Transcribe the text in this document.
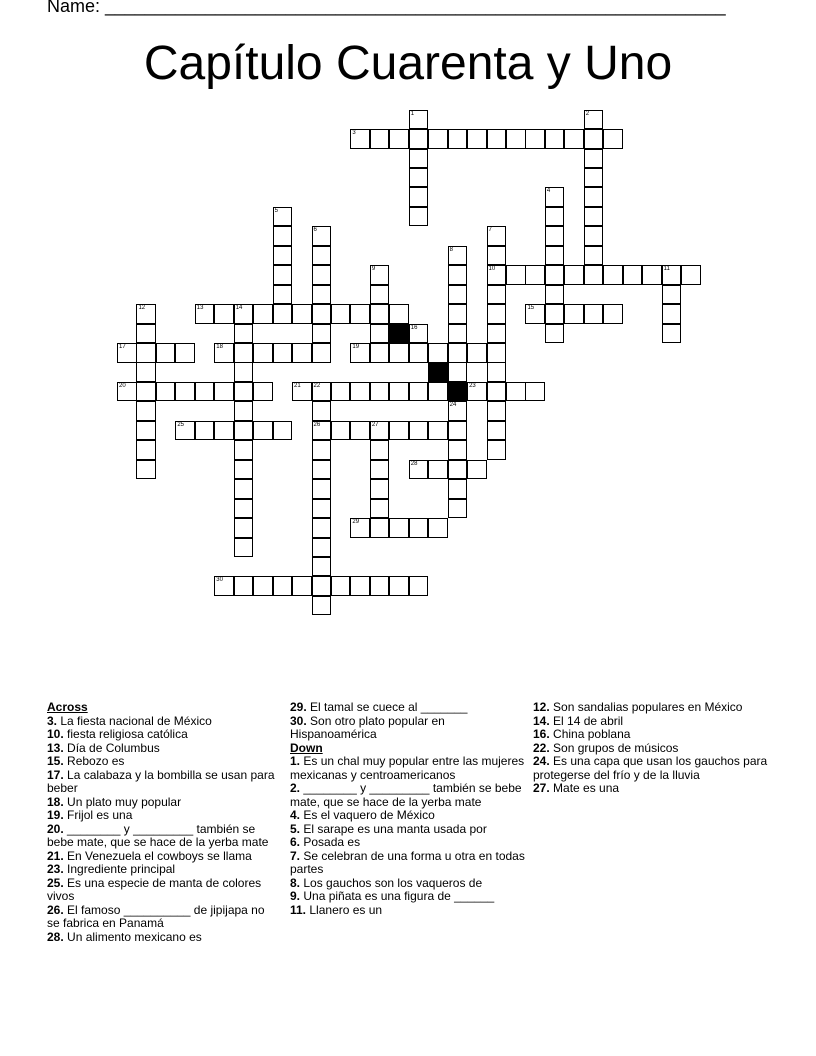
Name: ______________________________________________________________
Capítulo Cuarenta y Uno
3
10	11
13	14	15
17	18	19
20	21 22	23
25	26	27
28
29
30
1	2
4
5
6	7
8
24
9
12
16
Across
3. La fiesta nacional de México
10. fiesta religiosa católica
13. Día de Columbus
15. Rebozo es
17. La calabaza y la bombilla se usan para beber
18. Un plato muy popular
19. Frijol es una
20. ________ y _________ también se bebe mate, que se hace de la yerba mate
21. En Venezuela el cowboys se llama
23. Ingrediente principal
25. Es una especie de manta de colores vivos
26. El famoso __________ de jipijapa no se fabrica en Panamá
28. Un alimento mexicano es
29. El tamal se cuece al _______
30. Son otro plato popular en Hispanoamérica
Down
1. Es un chal muy popular entre las mujeres mexicanas y centroamericanos
2. ________ y _________ también se bebe mate, que se hace de la yerba mate
4. Es el vaquero de México
5. El sarape es una manta usada por
6. Posada es
7. Se celebran de una forma u otra en todas partes
8. Los gauchos son los vaqueros de
9. Una piñata es una figura de ______
11. Llanero es un
12. Son sandalias populares en México
14. El 14 de abril
16. China poblana
22. Son grupos de músicos
24. Es una capa que usan los gauchos para protegerse del frío y de la lluvia
27. Mate es una
